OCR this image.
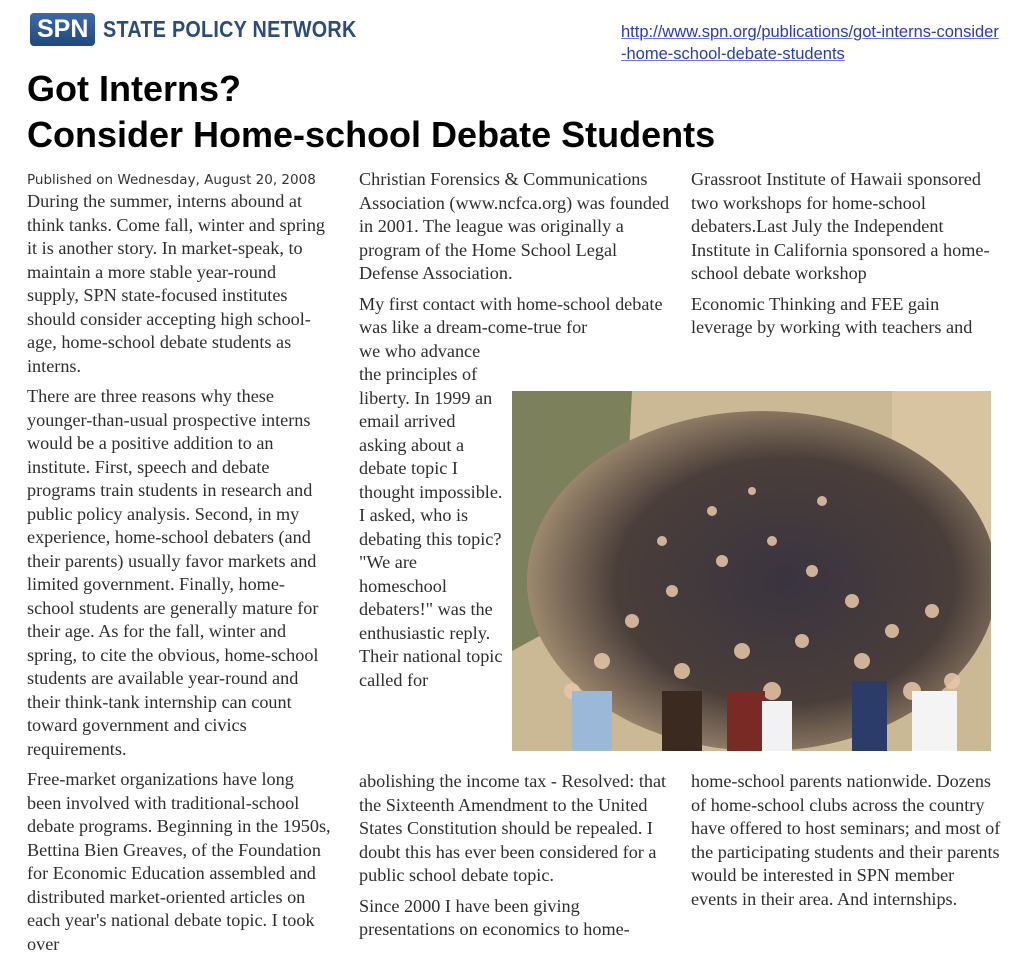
SPN STATE POLICY NETWORK	http://www.spn.org/publications/got-interns-consider-home-school-debate-students
Got Interns?
Consider Home-school Debate Students
Published on Wednesday, August 20, 2008

During the summer, interns abound at think tanks. Come fall, winter and spring it is another story. In market-speak, to maintain a more stable year-round supply, SPN state-focused institutes should consider accepting high school-age, home-school debate students as interns.

There are three reasons why these younger-than-usual prospective interns would be a positive addition to an institute. First, speech and debate programs train students in research and public policy analysis. Second, in my experience, home-school debaters (and their parents) usually favor markets and limited government. Finally, home-school students are generally mature for their age. As for the fall, winter and spring, to cite the obvious, home-school students are available year-round and their think-tank internship can count toward government and civics requirements.

Free-market organizations have long been involved with traditional-school debate programs. Beginning in the 1950s, Bettina Bien Greaves, of the Foundation for Economic Education assembled and distributed market-oriented articles on each year's national debate topic. I took over

Christian Forensics & Communications Association (www.ncfca.org) was founded in 2001. The league was originally a program of the Home School Legal Defense Association.

My first contact with home-school debate was like a dream-come-true for

we who advance the principles of liberty. In 1999 an email arrived asking about a debate topic I thought impossible. I asked, who is debating this topic? "We are homeschool debaters!" was the enthusiastic reply. Their national topic called for

abolishing the income tax - Resolved: that the Sixteenth Amendment to the United States Constitution should be repealed. I doubt this has ever been considered for a public school debate topic.

Since 2000 I have been giving presentations on economics to home-

Grassroot Institute of Hawaii sponsored two workshops for home-school debaters.Last July the Independent Institute in California sponsored a home-school debate workshop

Economic Thinking and FEE gain leverage by working with teachers and

home-school parents nationwide. Dozens of home-school clubs across the country have offered to host seminars; and most of the participating students and their parents would be interested in SPN member events in their area. And internships.
